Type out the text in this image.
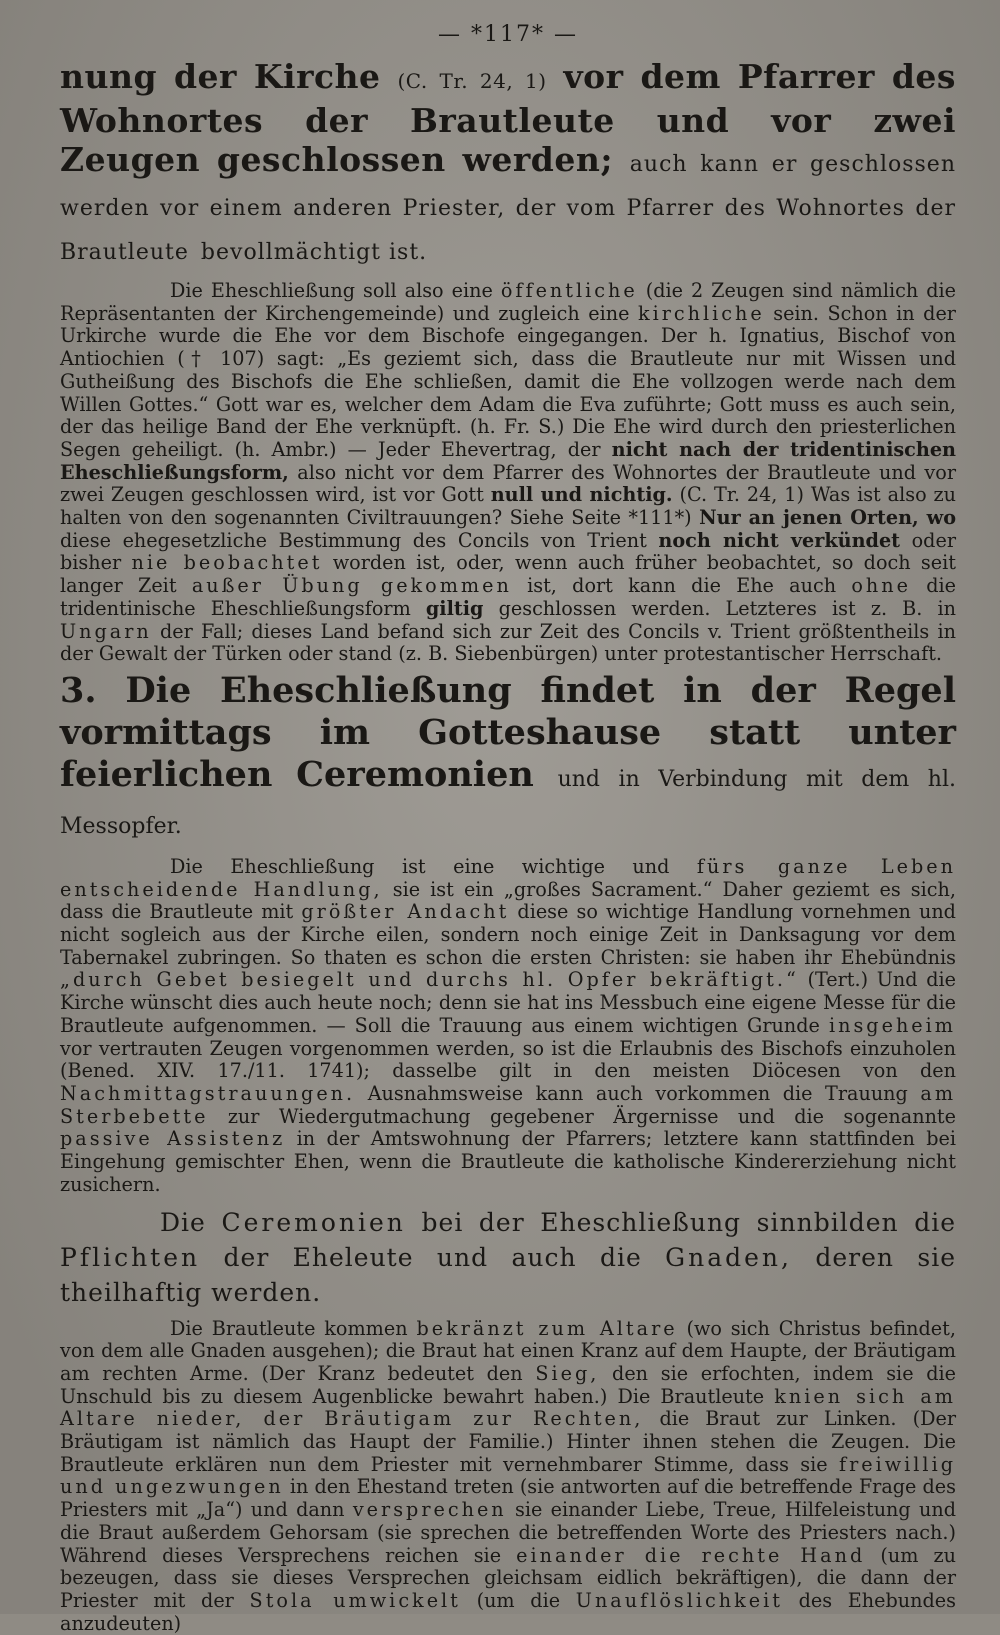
— *117* —

nung der Kirche (C. Tr. 24, 1) vor dem Pfarrer des Wohnortes der Brautleute und vor zwei Zeugen geschlossen werden; auch kann er geschlossen werden vor einem anderen Priester, der vom Pfarrer des Wohnortes der Brautleute bevollmächtigt ist.

Die Eheschließung soll also eine öffentliche (die 2 Zeugen sind nämlich die Repräsentanten der Kirchengemeinde) und zugleich eine kirchliche sein. Schon in der Urkirche wurde die Ehe vor dem Bischofe eingegangen. Der h. Ignatius, Bischof von Antiochien († 107) sagt: „Es geziemt sich, dass die Brautleute nur mit Wissen und Gutheißung des Bischofs die Ehe schließen, damit die Ehe vollzogen werde nach dem Willen Gottes.“ Gott war es, welcher dem Adam die Eva zuführte; Gott muss es auch sein, der das heilige Band der Ehe verknüpft. (h. Fr. S.) Die Ehe wird durch den priesterlichen Segen geheiligt. (h. Ambr.) — Jeder Ehevertrag, der nicht nach der tridentinischen Eheschließungsform, also nicht vor dem Pfarrer des Wohnortes der Brautleute und vor zwei Zeugen geschlossen wird, ist vor Gott null und nichtig. (C. Tr. 24, 1) Was ist also zu halten von den sogenannten Civiltrauungen? Siehe Seite *111*) Nur an jenen Orten, wo diese ehegesetzliche Bestimmung des Concils von Trient noch nicht verkündet oder bisher nie beobachtet worden ist, oder, wenn auch früher beobachtet, so doch seit langer Zeit außer Übung gekommen ist, dort kann die Ehe auch ohne die tridentinische Eheschließungsform giltig geschlossen werden. Letzteres ist z. B. in Ungarn der Fall; dieses Land befand sich zur Zeit des Concils v. Trient größtentheils in der Gewalt der Türken oder stand (z. B. Siebenbürgen) unter protestantischer Herrschaft.

3. Die Eheschließung findet in der Regel vormittags im Gotteshause statt unter feierlichen Ceremonien und in Verbindung mit dem hl. Messopfer.

Die Eheschließung ist eine wichtige und fürs ganze Leben entscheidende Handlung, sie ist ein „großes Sacrament.“ Daher geziemt es sich, dass die Brautleute mit größter Andacht diese so wichtige Handlung vornehmen und nicht sogleich aus der Kirche eilen, sondern noch einige Zeit in Danksagung vor dem Tabernakel zubringen. So thaten es schon die ersten Christen: sie haben ihr Ehebündnis „durch Gebet besiegelt und durchs hl. Opfer bekräftigt.“ (Tert.) Und die Kirche wünscht dies auch heute noch; denn sie hat ins Messbuch eine eigene Messe für die Brautleute aufgenommen. — Soll die Trauung aus einem wichtigen Grunde insgeheim vor vertrauten Zeugen vorgenommen werden, so ist die Erlaubnis des Bischofs einzuholen (Bened. XIV. 17./11. 1741); dasselbe gilt in den meisten Diöcesen von den Nachmittagstrauungen. Ausnahmsweise kann auch vorkommen die Trauung am Sterbebette zur Wiedergutmachung gegebener Ärgernisse und die sogenannte passive Assistenz in der Amtswohnung der Pfarrers; letztere kann stattfinden bei Eingehung gemischter Ehen, wenn die Brautleute die katholische Kindererziehung nicht zusichern.

Die Ceremonien bei der Eheschließung sinnbilden die Pflichten der Eheleute und auch die Gnaden, deren sie theilhaftig werden.

Die Brautleute kommen bekränzt zum Altare (wo sich Christus befindet, von dem alle Gnaden ausgehen); die Braut hat einen Kranz auf dem Haupte, der Bräutigam am rechten Arme. (Der Kranz bedeutet den Sieg, den sie erfochten, indem sie die Unschuld bis zu diesem Augenblicke bewahrt haben.) Die Brautleute knien sich am Altare nieder, der Bräutigam zur Rechten, die Braut zur Linken. (Der Bräutigam ist nämlich das Haupt der Familie.) Hinter ihnen stehen die Zeugen. Die Brautleute erklären nun dem Priester mit vernehmbarer Stimme, dass sie freiwillig und ungezwungen in den Ehestand treten (sie antworten auf die betreffende Frage des Priesters mit „Ja“) und dann versprechen sie einander Liebe, Treue, Hilfeleistung und die Braut außerdem Gehorsam (sie sprechen die betreffenden Worte des Priesters nach.) Während dieses Versprechens reichen sie einander die rechte Hand (um zu bezeugen, dass sie dieses Versprechen gleichsam eidlich bekräftigen), die dann der Priester mit der Stola umwickelt (um die Unauflöslichkeit des Ehebundes anzudeuten)
